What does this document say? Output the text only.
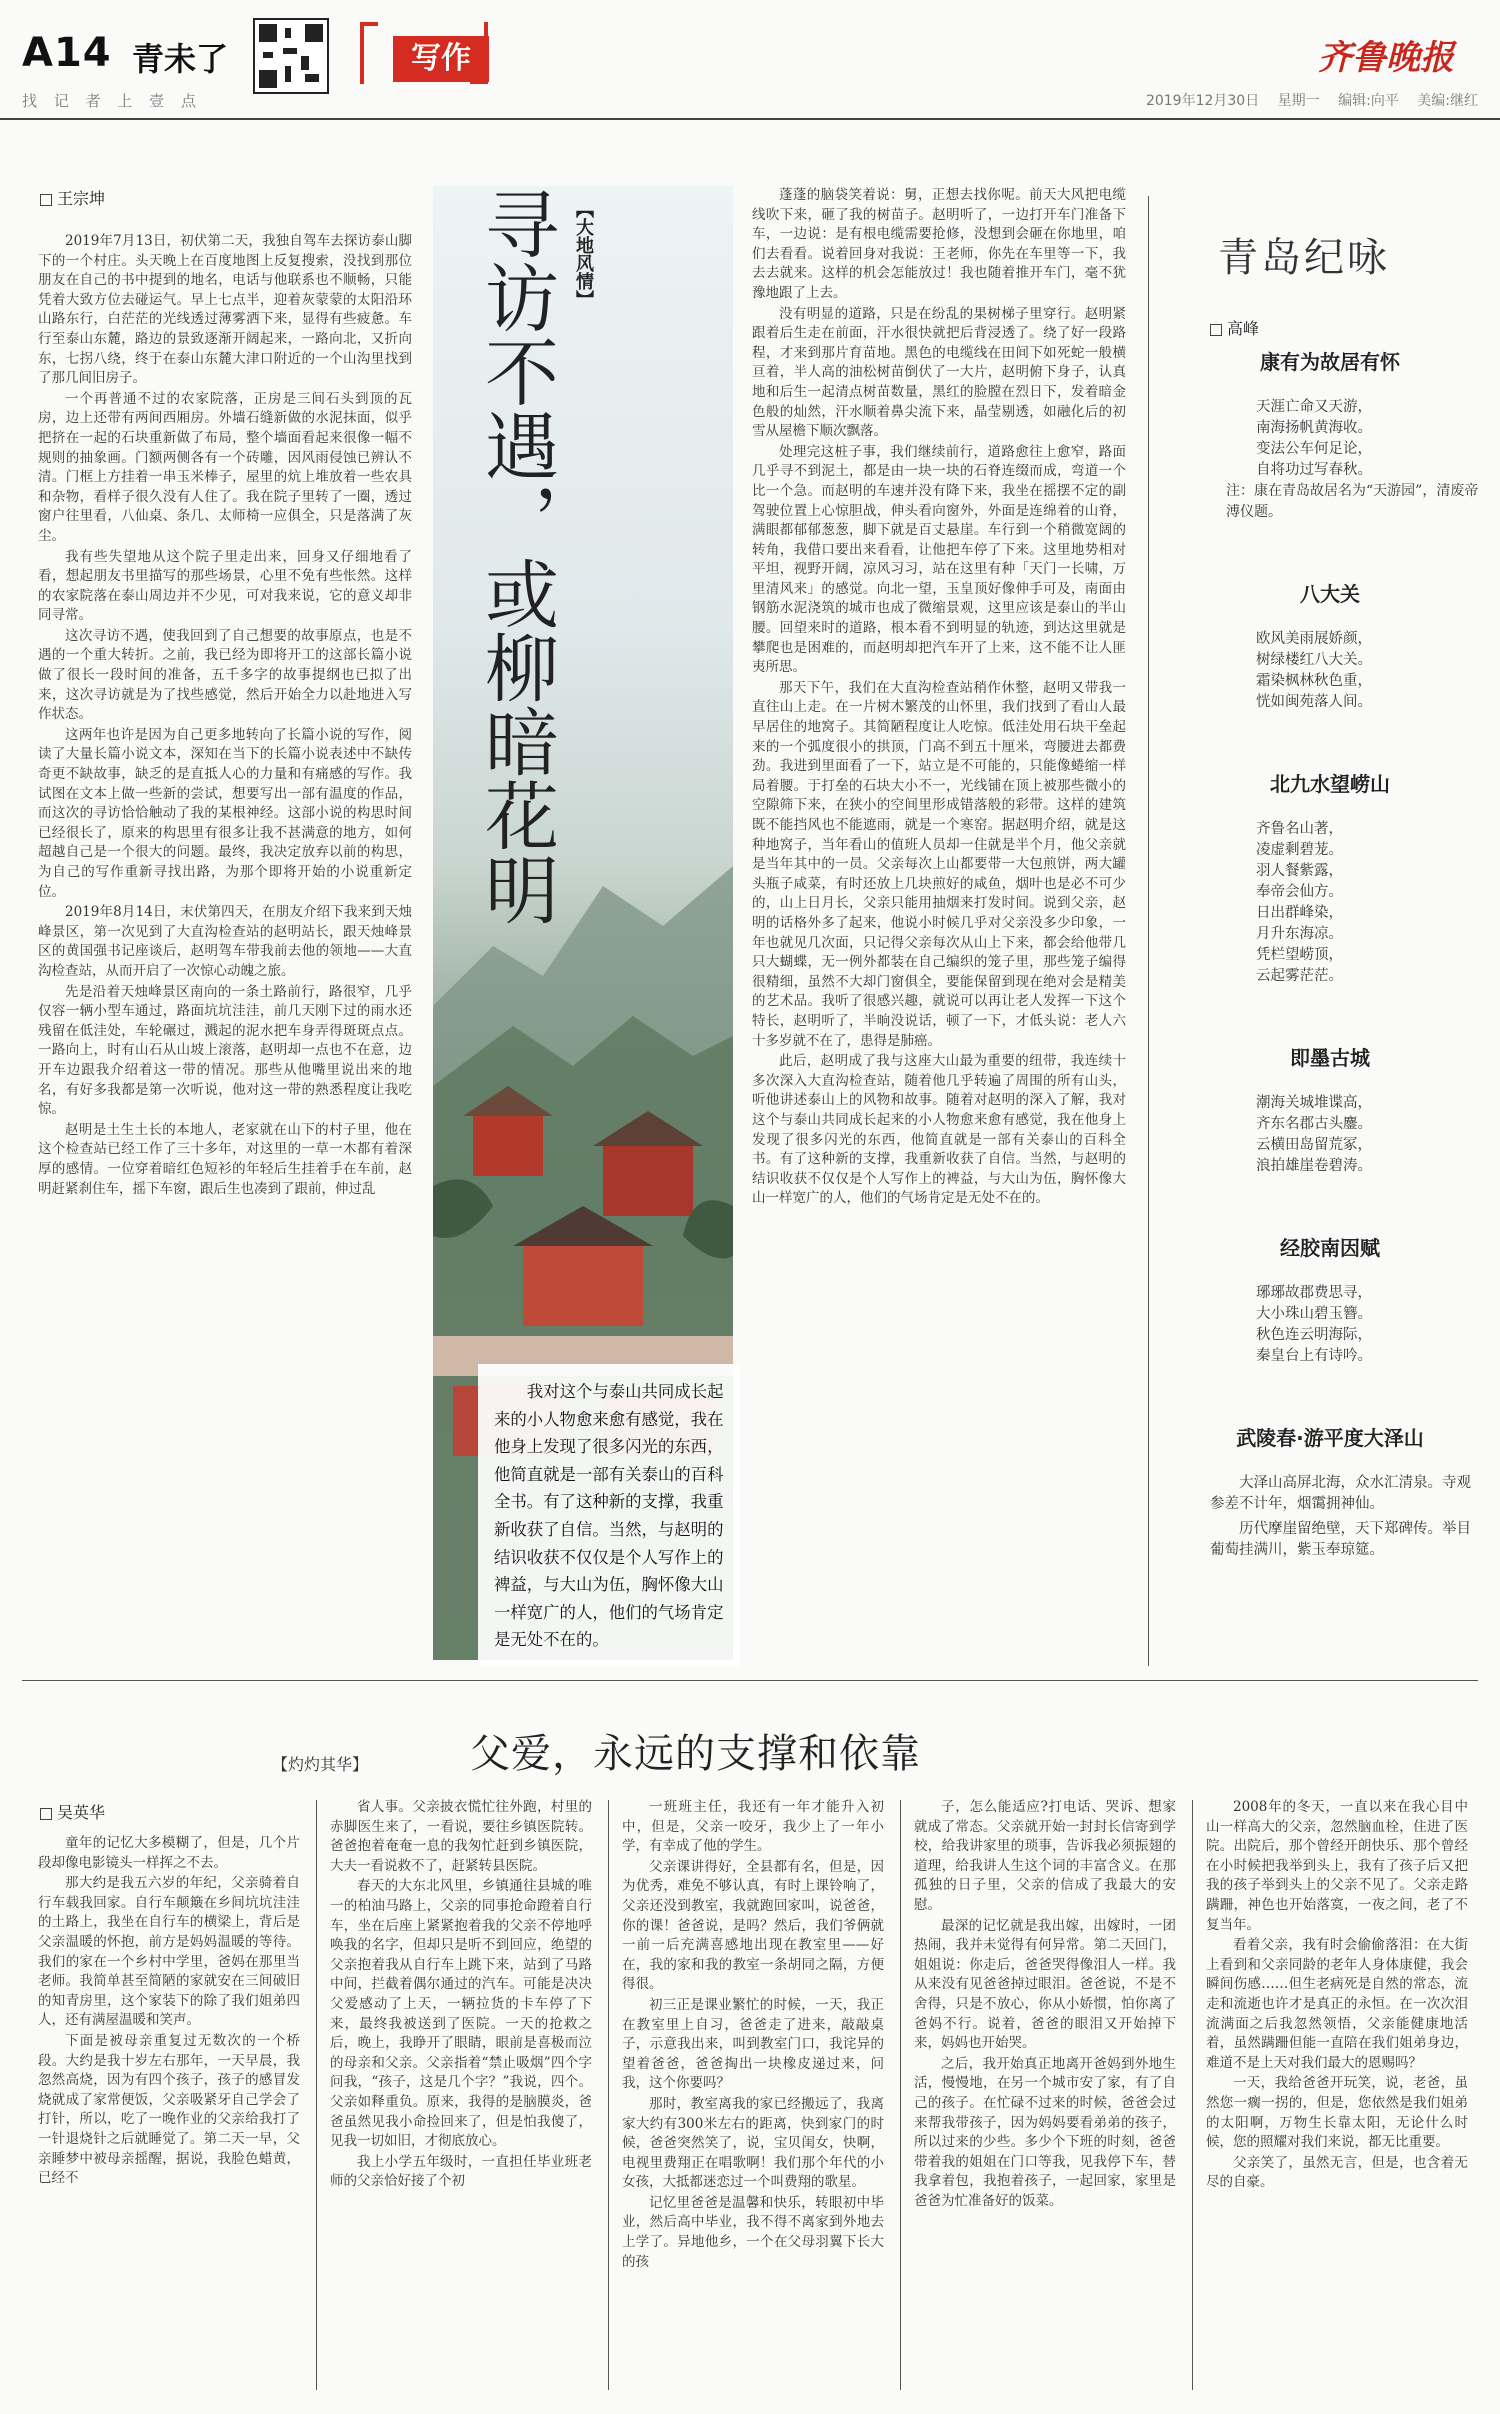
A14 青未了
找 记 者 上 壹 点
写作	齐鲁晚报
2019年12月30日 星期一 编辑:向平 美编:继红
王宗坤

2019年7月13日，初伏第二天，我独自驾车去探访泰山脚下的一个村庄。头天晚上在百度地图上反复搜索，没找到那位朋友在自己的书中提到的地名，电话与他联系也不顺畅，只能凭着大致方位去碰运气。早上七点半，迎着灰蒙蒙的太阳沿环山路东行，白茫茫的光线透过薄雾洒下来，显得有些疲惫。车行至泰山东麓，路边的景致逐渐开阔起来，一路向北，又折向东，七拐八绕，终于在泰山东麓大津口附近的一个山沟里找到了那几间旧房子。

一个再普通不过的农家院落，正房是三间石头到顶的瓦房，边上还带有两间西厢房。外墙石缝新做的水泥抹面，似乎把挤在一起的石块重新做了布局，整个墙面看起来很像一幅不规则的抽象画。门额两侧各有一个砖雕，因风雨侵蚀已辨认不清。门框上方挂着一串玉米棒子，屋里的炕上堆放着一些农具和杂物，看样子很久没有人住了。我在院子里转了一圈，透过窗户往里看，八仙桌、条几、太师椅一应俱全，只是落满了灰尘。

我有些失望地从这个院子里走出来，回身又仔细地看了看，想起朋友书里描写的那些场景，心里不免有些怅然。这样的农家院落在泰山周边并不少见，可对我来说，它的意义却非同寻常。

这次寻访不遇，使我回到了自己想要的故事原点，也是不遇的一个重大转折。之前，我已经为即将开工的这部长篇小说做了很长一段时间的准备，五千多字的故事提纲也已拟了出来，这次寻访就是为了找些感觉，然后开始全力以赴地进入写作状态。

这两年也许是因为自己更多地转向了长篇小说的写作，阅读了大量长篇小说文本，深知在当下的长篇小说表述中不缺传奇更不缺故事，缺乏的是直抵人心的力量和有痛感的写作。我试图在文本上做一些新的尝试，想要写出一部有温度的作品，而这次的寻访恰恰触动了我的某根神经。这部小说的构思时间已经很长了，原来的构思里有很多让我不甚满意的地方，如何超越自己是一个很大的问题。最终，我决定放弃以前的构思，为自己的写作重新寻找出路，为那个即将开始的小说重新定位。

2019年8月14日，末伏第四天，在朋友介绍下我来到天烛峰景区，第一次见到了大直沟检查站的赵明站长，跟天烛峰景区的黄国强书记座谈后，赵明驾车带我前去他的领地——大直沟检查站，从而开启了一次惊心动魄之旅。

先是沿着天烛峰景区南向的一条土路前行，路很窄，几乎仅容一辆小型车通过，路面坑坑洼洼，前几天刚下过的雨水还残留在低洼处，车轮碾过，溅起的泥水把车身弄得斑斑点点。一路向上，时有山石从山坡上滚落，赵明却一点也不在意，边开车边跟我介绍着这一带的情况。那些从他嘴里说出来的地名，有好多我都是第一次听说，他对这一带的熟悉程度让我吃惊。

赵明是土生土长的本地人，老家就在山下的村子里，他在这个检查站已经工作了三十多年，对这里的一草一木都有着深厚的感情。一位穿着暗红色短衫的年轻后生挂着手在车前，赵明赶紧刹住车，摇下车窗，跟后生也凑到了跟前，伸过乱

寻访不遇，或柳暗花明 【大地风情】
我对这个与泰山共同成长起来的小人物愈来愈有感觉，我在他身上发现了很多闪光的东西，他简直就是一部有关泰山的百科全书。有了这种新的支撑，我重新收获了自信。当然，与赵明的结识收获不仅仅是个人写作上的裨益，与大山为伍，胸怀像大山一样宽广的人，他们的气场肯定是无处不在的。

蓬蓬的脑袋笑着说：舅，正想去找你呢。前天大风把电缆线吹下来，砸了我的树苗子。赵明听了，一边打开车门准备下车，一边说：是有根电缆需要抢修，没想到会砸在你地里，咱们去看看。说着回身对我说：王老师，你先在车里等一下，我去去就来。这样的机会怎能放过！我也随着推开车门，毫不犹豫地跟了上去。

没有明显的道路，只是在纷乱的果树梯子里穿行。赵明紧跟着后生走在前面，汗水很快就把后背浸透了。绕了好一段路程，才来到那片育苗地。黑色的电缆线在田间下如死蛇一般横亘着，半人高的油松树苗倒伏了一大片，赵明俯下身子，认真地和后生一起清点树苗数量，黑红的脸膛在烈日下，发着暗金色般的灿然，汗水顺着鼻尖流下来，晶莹剔透，如融化后的初雪从屋檐下顺次飘落。

处理完这桩子事，我们继续前行，道路愈往上愈窄，路面几乎寻不到泥土，都是由一块一块的石脊连缀而成，弯道一个比一个急。而赵明的车速并没有降下来，我坐在摇摆不定的副驾驶位置上心惊胆战，伸头看向窗外，外面是连绵着的山脊，满眼都郁郁葱葱，脚下就是百丈悬崖。车行到一个稍微宽阔的转角，我借口要出来看看，让他把车停了下来。这里地势相对平坦，视野开阔，凉风习习，站在这里有种「天门一长啸，万里清风来」的感觉。向北一望，玉皇顶好像伸手可及，南面由钢筋水泥浇筑的城市也成了微缩景观，这里应该是泰山的半山腰。回望来时的道路，根本看不到明显的轨迹，到达这里就是攀爬也是困难的，而赵明却把汽车开了上来，这不能不让人匪夷所思。

那天下午，我们在大直沟检查站稍作休整，赵明又带我一直往山上走。在一片树木繁茂的山怀里，我们找到了看山人最早居住的地窝子。其简陋程度让人吃惊。低洼处用石块干垒起来的一个弧度很小的拱顶，门高不到五十厘米，弯腰进去都费劲。我进到里面看了一下，站立是不可能的，只能像蜷缩一样局着腰。于打垒的石块大小不一，光线铺在顶上被那些微小的空隙筛下来，在狭小的空间里形成错落般的彩带。这样的建筑既不能挡风也不能遮雨，就是一个寒窑。据赵明介绍，就是这种地窝子，当年看山的值班人员却一住就是半个月，他父亲就是当年其中的一员。父亲每次上山都要带一大包煎饼，两大罐头瓶子咸菜，有时还放上几块煎好的咸鱼，烟叶也是必不可少的，山上日月长，父亲只能用抽烟来打发时间。说到父亲，赵明的话格外多了起来，他说小时候几乎对父亲没多少印象，一年也就见几次面，只记得父亲每次从山上下来，都会给他带几只大蝴蝶，无一例外都装在自己编织的笼子里，那些笼子编得很精细，虽然不大却门窗俱全，要能保留到现在绝对会是精美的艺术品。我听了很感兴趣，就说可以再让老人发挥一下这个特长，赵明听了，半晌没说话，顿了一下，才低头说：老人六十多岁就不在了，患得是肺癌。

此后，赵明成了我与这座大山最为重要的纽带，我连续十多次深入大直沟检查站，随着他几乎转遍了周围的所有山头，听他讲述泰山上的风物和故事。随着对赵明的深入了解，我对这个与泰山共同成长起来的小人物愈来愈有感觉，我在他身上发现了很多闪光的东西，他简直就是一部有关泰山的百科全书。有了这种新的支撑，我重新收获了自信。当然，与赵明的结识收获不仅仅是个人写作上的裨益，与大山为伍，胸怀像大山一样宽广的人，他们的气场肯定是无处不在的。

青岛纪咏
高峰
康有为故居有怀
天涯亡命又天游，
南海扬帆黄海收。
变法公车何足论，
自将功过写春秋。
注：康在青岛故居名为“天游园”，清废帝溥仪题。
八大关
欧风美雨展娇颜，
树绿楼红八大关。
霜染枫林秋色重，
恍如闽苑落人间。
北九水望崂山
齐鲁名山著，
凌虚剩碧茏。
羽人餐紫露，
奉帝会仙方。
日出群峰染，
月升东海凉。
凭栏望崂顶，
云起雾茫茫。
即墨古城
潮海关城堆谍高，
齐东名郡古头鏖。
云横田岛留荒冢，
浪拍雄崖卷碧涛。
经胶南因赋
琊琊故郡费思寻，
大小珠山碧玉簪。
秋色连云明海际，
秦皇台上有诗吟。
武陵春·游平度大泽山

大泽山高屏北海，众水汇清泉。寺观参差不计年，烟霭拥神仙。

历代摩崖留绝壁，天下郑碑传。举目葡萄挂满川，紫玉奉琼筵。

【灼灼其华】	父爱，永远的支撑和依靠
吴英华

童年的记忆大多模糊了，但是，几个片段却像电影镜头一样挥之不去。

那大约是我五六岁的年纪，父亲骑着自行车载我回家。自行车颠簸在乡间坑坑洼洼的土路上，我坐在自行车的横梁上，背后是父亲温暖的怀抱，前方是妈妈温暖的等待。我们的家在一个乡村中学里，爸妈在那里当老师。我简单甚至简陋的家就安在三间破旧的知青房里，这个家装下的除了我们姐弟四人，还有满屋温暖和笑声。

下面是被母亲重复过无数次的一个桥段。大约是我十岁左右那年，一天早晨，我忽然高烧，因为有四个孩子，孩子的感冒发烧就成了家常便饭，父亲吸紧牙自己学会了打针，所以，吃了一晚作业的父亲给我打了一针退烧针之后就睡觉了。第二天一早，父亲睡梦中被母亲摇醒，据说，我脸色蜡黄，已经不

省人事。父亲披衣慌忙往外跑，村里的赤脚医生来了，一看说，要往乡镇医院转。爸爸抱着奄奄一息的我匆忙赶到乡镇医院，大夫一看说救不了，赶紧转县医院。

春天的大东北风里，乡镇通往县城的唯一的柏油马路上，父亲的同事抢命蹬着自行车，坐在后座上紧紧抱着我的父亲不停地呼唤我的名字，但却只是听不到回应，绝望的父亲抱着我从自行车上跳下来，站到了马路中间，拦截着偶尔通过的汽车。可能是决决父爱感动了上天，一辆拉货的卡车停了下来，最终我被送到了医院。一天的抢救之后，晚上，我睁开了眼睛，眼前是喜极而泣的母亲和父亲。父亲指着“禁止吸烟”四个字问我，“孩子，这是几个字？”我说，四个。父亲如释重负。原来，我得的是脑膜炎，爸爸虽然见我小命捡回来了，但是怕我傻了，见我一切如旧，才彻底放心。

我上小学五年级时，一直担任毕业班老师的父亲恰好接了个初

一班班主任，我还有一年才能升入初中，但是，父亲一咬牙，我少上了一年小学，有幸成了他的学生。

父亲课讲得好，全县都有名，但是，因为优秀，难免不够认真，有时上课铃响了，父亲还没到教室，我就跑回家叫，说爸爸，你的课！爸爸说，是吗？然后，我们爷俩就一前一后充满喜感地出现在教室里——好在，我的家和我的教室一条胡同之隔，方便得很。

初三正是课业繁忙的时候，一天，我正在教室里上自习，爸爸走了进来，敲敲桌子，示意我出来，叫到教室门口，我诧异的望着爸爸，爸爸掏出一块橡皮递过来，问我，这个你要吗？

那时，教室离我的家已经搬远了，我离家大约有300米左右的距离，快到家门的时候，爸爸突然笑了，说，宝贝闺女，快啊，电视里费翔正在唱歌啊！我们那个年代的小女孩，大抵都迷恋过一个叫费翔的歌星。

记忆里爸爸是温馨和快乐，转眼初中毕业，然后高中毕业，我不得不离家到外地去上学了。异地他乡，一个在父母羽翼下长大的孩

子，怎么能适应?打电话、哭诉、想家就成了常态。父亲就开始一封封长信寄到学校，给我讲家里的琐事，告诉我必须振翅的道理，给我讲人生这个词的丰富含义。在那孤独的日子里，父亲的信成了我最大的安慰。

最深的记忆就是我出嫁，出嫁时，一团热闹，我并未觉得有何异常。第二天回门，姐姐说：你走后，爸爸哭得像泪人一样。我从来没有见爸爸掉过眼泪。爸爸说，不是不舍得，只是不放心，你从小娇惯，怕你离了爸妈不行。说着，爸爸的眼泪又开始掉下来，妈妈也开始哭。

之后，我开始真正地离开爸妈到外地生活，慢慢地，在另一个城市安了家，有了自己的孩子。在忙碌不过来的时候，爸爸会过来帮我带孩子，因为妈妈要看弟弟的孩子，所以过来的少些。多少个下班的时刻，爸爸带着我的姐姐在门口等我，见我停下车，替我拿着包，我抱着孩子，一起回家，家里是爸爸为忙准备好的饭菜。

2008年的冬天，一直以来在我心目中山一样高大的父亲，忽然脑血栓，住进了医院。出院后，那个曾经开朗快乐、那个曾经在小时候把我举到头上，我有了孩子后又把我的孩子举到头上的父亲不见了。父亲走路蹒跚，神色也开始落寞，一夜之间，老了不复当年。

看着父亲，我有时会偷偷落泪：在大街上看到和父亲同龄的老年人身体康健，我会瞬间伤感……但生老病死是自然的常态，流走和流逝也许才是真正的永恒。在一次次泪流满面之后我忽然领悟，父亲能健康地活着，虽然蹒跚但能一直陪在我们姐弟身边，难道不是上天对我们最大的恩赐吗？

一天，我给爸爸开玩笑，说，老爸，虽然您一瘸一拐的，但是，您依然是我们姐弟的太阳啊，万物生长靠太阳，无论什么时候，您的照耀对我们来说，都无比重要。

父亲笑了，虽然无言，但是，也含着无尽的自豪。
